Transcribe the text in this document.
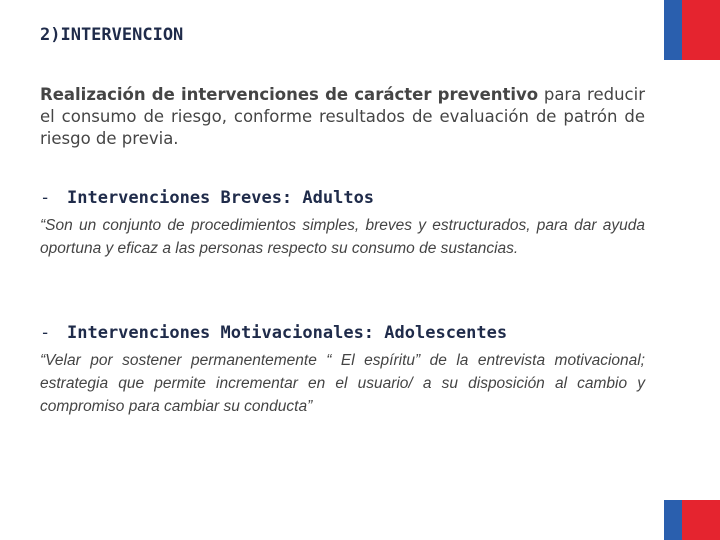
2)INTERVENCION

Realización de intervenciones de carácter preventivo para reducir el consumo de riesgo, conforme resultados de evaluación de patrón de riesgo de previa.

- Intervenciones Breves: Adultos

“Son un conjunto de procedimientos simples, breves y estructurados, para dar ayuda oportuna y eficaz a las personas respecto su consumo de sustancias.

- Intervenciones Motivacionales: Adolescentes

“Velar por sostener permanentemente “ El espíritu” de la entrevista motivacional; estrategia que permite incrementar en el usuario/ a su disposición al cambio y compromiso para cambiar su conducta”
